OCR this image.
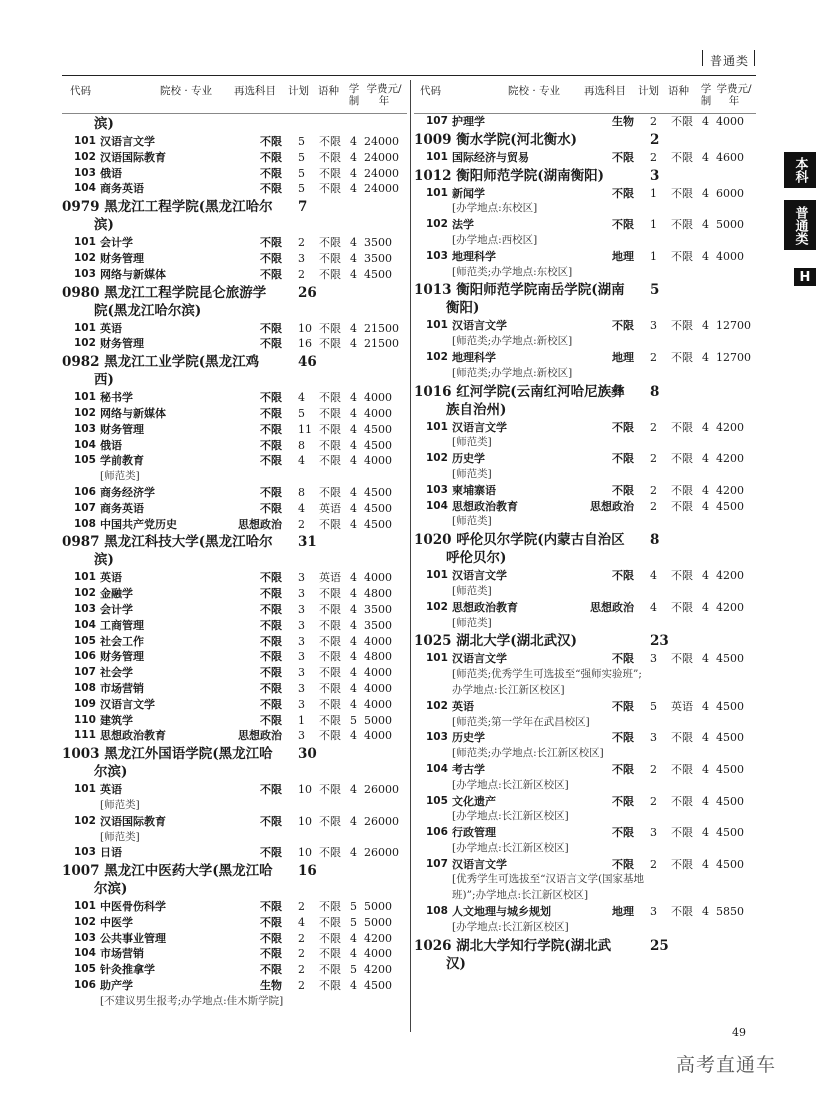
普通类
本科
普通类
H
代码	院校 · 专业 再选科目 计划 语种 学制
学费元/年
滨)
101 汉语言文学	不限 5 不限 4 24000
102 汉语国际教育	不限 5 不限 4 24000
103 俄语	不限 5 不限 4 24000
104 商务英语	不限 5 不限 4 24000
0979 黑龙江工程学院(黑龙江哈尔 7
滨)
101 会计学	不限 2 不限 4 3500
102 财务管理	不限 3 不限 4 3500
103 网络与新媒体	不限 2 不限 4 4500
0980 黑龙江工程学院昆仑旅游学 26
院(黑龙江哈尔滨)
101 英语	不限 10 不限 4 21500
102 财务管理	不限 16 不限 4 21500
0982 黑龙江工业学院(黑龙江鸡	46
西)
101 秘书学	不限 4 不限 4 4000
102 网络与新媒体	不限 5 不限 4 4000
103 财务管理	不限 11 不限 4 4500
104 俄语	不限 8 不限 4 4500
105 学前教育	不限 4 不限 4 4000
[师范类]
106 商务经济学	不限 8 不限 4 4500
107 商务英语	不限 4 英语 4 4500
108 中国共产党历史	思想政治 2 不限 4 4500
0987 黑龙江科技大学(黑龙江哈尔 31
滨)
101 英语	不限 3 英语 4 4000
102 金融学	不限 3 不限 4 4800
103 会计学	不限 3 不限 4 3500
104 工商管理	不限 3 不限 4 3500
105 社会工作	不限 3 不限 4 4000
106 财务管理	不限 3 不限 4 4800
107 社会学	不限 3 不限 4 4000
108 市场营销	不限 3 不限 4 4000
109 汉语言文学	不限 3 不限 4 4000
110 建筑学	不限 1 不限 5 5000
111 思想政治教育	思想政治 3 不限 4 4000
1003 黑龙江外国语学院(黑龙江哈 30
尔滨)
101 英语	不限 10 不限 4 26000
[师范类]
102 汉语国际教育	不限 10 不限 4 26000
[师范类]
103 日语	不限 10 不限 4 26000
1007 黑龙江中医药大学(黑龙江哈 16
尔滨)
101 中医骨伤科学	不限 2 不限 5 5000
102 中医学	不限 4 不限 5 5000
103 公共事业管理	不限 2 不限 4 4200
104 市场营销	不限 2 不限 4 4000
105 针灸推拿学	不限 2 不限 5 4200
106 助产学	生物 2 不限 4 4500
[不建议男生报考;办学地点:佳木斯学院]
代码	院校 · 专业 再选科目 计划 语种 学制
学费元/年
107 护理学	生物 2 不限 4 4000
1009 衡水学院(河北衡水)	2
101 国际经济与贸易	不限 2 不限 4 4600
1012 衡阳师范学院(湖南衡阳)	3
101 新闻学	不限 1 不限 4 6000
[办学地点:东校区]
102 法学	不限 1 不限 4 5000
[办学地点:西校区]
103 地理科学	地理 1 不限 4 4000
[师范类;办学地点:东校区]
1013 衡阳师范学院南岳学院(湖南 5
衡阳)
101 汉语言文学	不限 3 不限 4 12700
[师范类;办学地点:新校区]
102 地理科学	地理 2 不限 4 12700
[师范类;办学地点:新校区]
1016 红河学院(云南红河哈尼族彝 8
族自治州)
101 汉语言文学	不限 2 不限 4 4200
[师范类]
102 历史学	不限 2 不限 4 4200
[师范类]
103 柬埔寨语	不限 2 不限 4 4200
104 思想政治教育	思想政治 2 不限 4 4500
[师范类]
1020 呼伦贝尔学院(内蒙古自治区 8
呼伦贝尔)
101 汉语言文学	不限 4 不限 4 4200
[师范类]
102 思想政治教育	思想政治 4 不限 4 4200
[师范类]
1025 湖北大学(湖北武汉)	23
101 汉语言文学	不限 3 不限 4 4500
[师范类;优秀学生可选拔至“强师实验班”;办学地点:长江新区校区]
102 英语	不限 5 英语 4 4500
[师范类;第一学年在武昌校区]
103 历史学	不限 3 不限 4 4500
[师范类;办学地点:长江新区校区]
104 考古学	不限 2 不限 4 4500
[办学地点:长江新区校区]
105 文化遗产	不限 2 不限 4 4500
[办学地点:长江新区校区]
106 行政管理	不限 3 不限 4 4500
[办学地点:长江新区校区]
107 汉语言文学	不限 2 不限 4 4500
[优秀学生可选拔至“汉语言文学(国家基地班)”;办学地点:长江新区校区]
108 人文地理与城乡规划	地理 3 不限 4 5850
[办学地点:长江新区校区]
1026 湖北大学知行学院(湖北武	25
汉)
49
高考直通车
